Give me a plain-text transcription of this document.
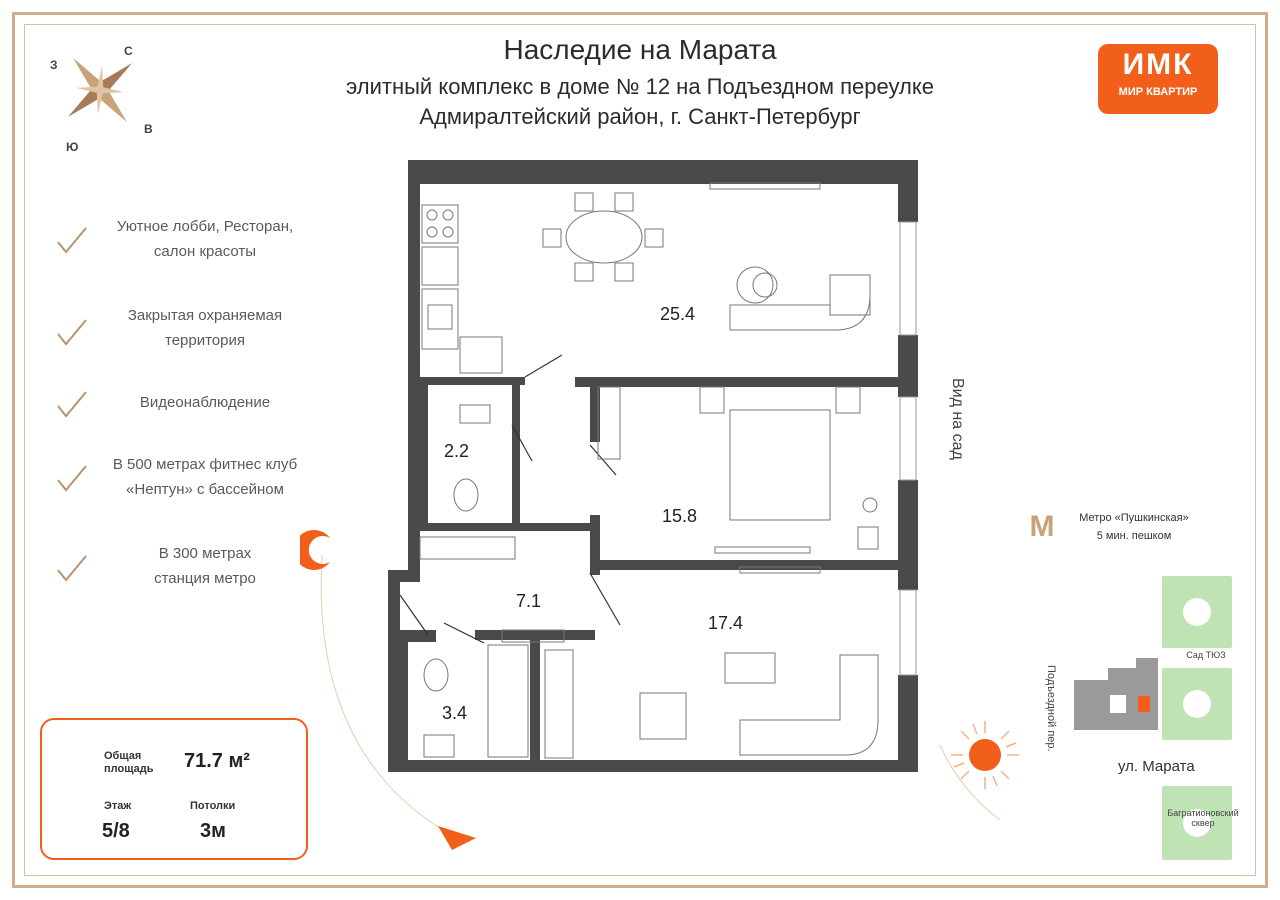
Наследие на Марата
элитный комплекс в доме № 12 на Подъездном переулке
Адмиралтейский район, г. Санкт-Петербург
ИМК
МИР КВАРТИР
С
З
В
Ю
Уютное лобби, Ресторан,
салон красоты
Закрытая охраняемая
территория
Видеонаблюдение
В 500 метрах фитнес клуб
«Нептун» с бассейном
В 300 метрах
станция метро
Общая
площадь 71.7 м²
Этаж
5/8
Потолки
3м
25.4
2.2
15.8
7.1
17.4
3.4
Вид на сад
М	Метро «Пушкинская»
5 мин. пешком
Сад ТЮЗ
Подъездной пер.
ул. Марата
Багратионовский
сквер
